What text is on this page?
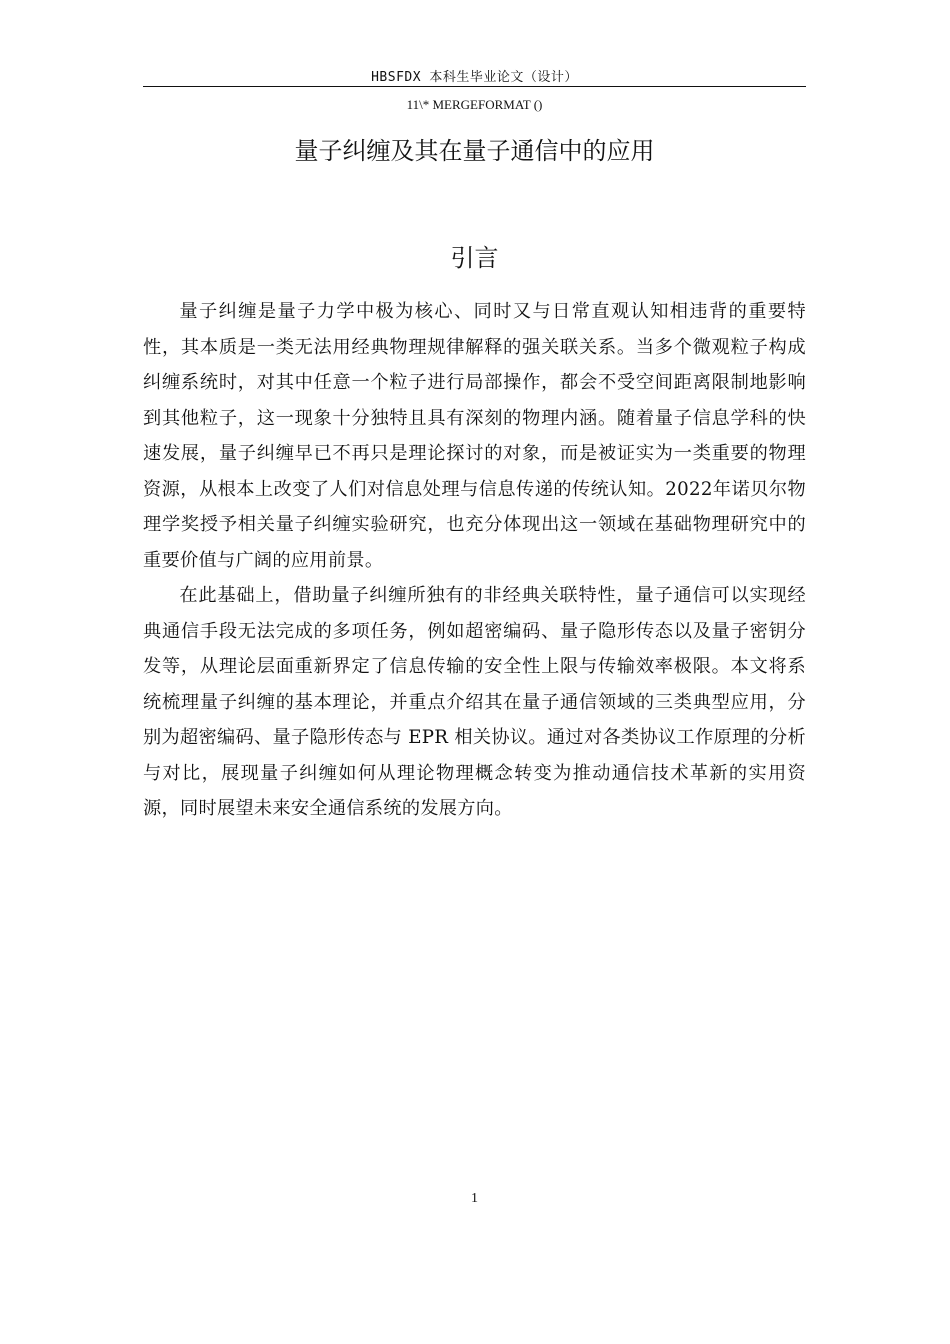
HBSFDX 本科生毕业论文（设计）
11\* MERGEFORMAT ()
量子纠缠及其在量子通信中的应用
引言

量子纠缠是量子力学中极为核心、同时又与日常直观认知相违背的重要特性，其本质是一类无法用经典物理规律解释的强关联关系。当多个微观粒子构成纠缠系统时，对其中任意一个粒子进行局部操作，都会不受空间距离限制地影响到其他粒子，这一现象十分独特且具有深刻的物理内涵。随着量子信息学科的快速发展，量子纠缠早已不再只是理论探讨的对象，而是被证实为一类重要的物理资源，从根本上改变了人们对信息处理与信息传递的传统认知。2022年诺贝尔物理学奖授予相关量子纠缠实验研究，也充分体现出这一领域在基础物理研究中的重要价值与广阔的应用前景。

在此基础上，借助量子纠缠所独有的非经典关联特性，量子通信可以实现经典通信手段无法完成的多项任务，例如超密编码、量子隐形传态以及量子密钥分发等，从理论层面重新界定了信息传输的安全性上限与传输效率极限。本文将系统梳理量子纠缠的基本理论，并重点介绍其在量子通信领域的三类典型应用，分别为超密编码、量子隐形传态与 EPR 相关协议。通过对各类协议工作原理的分析与对比，展现量子纠缠如何从理论物理概念转变为推动通信技术革新的实用资源，同时展望未来安全通信系统的发展方向。

1
